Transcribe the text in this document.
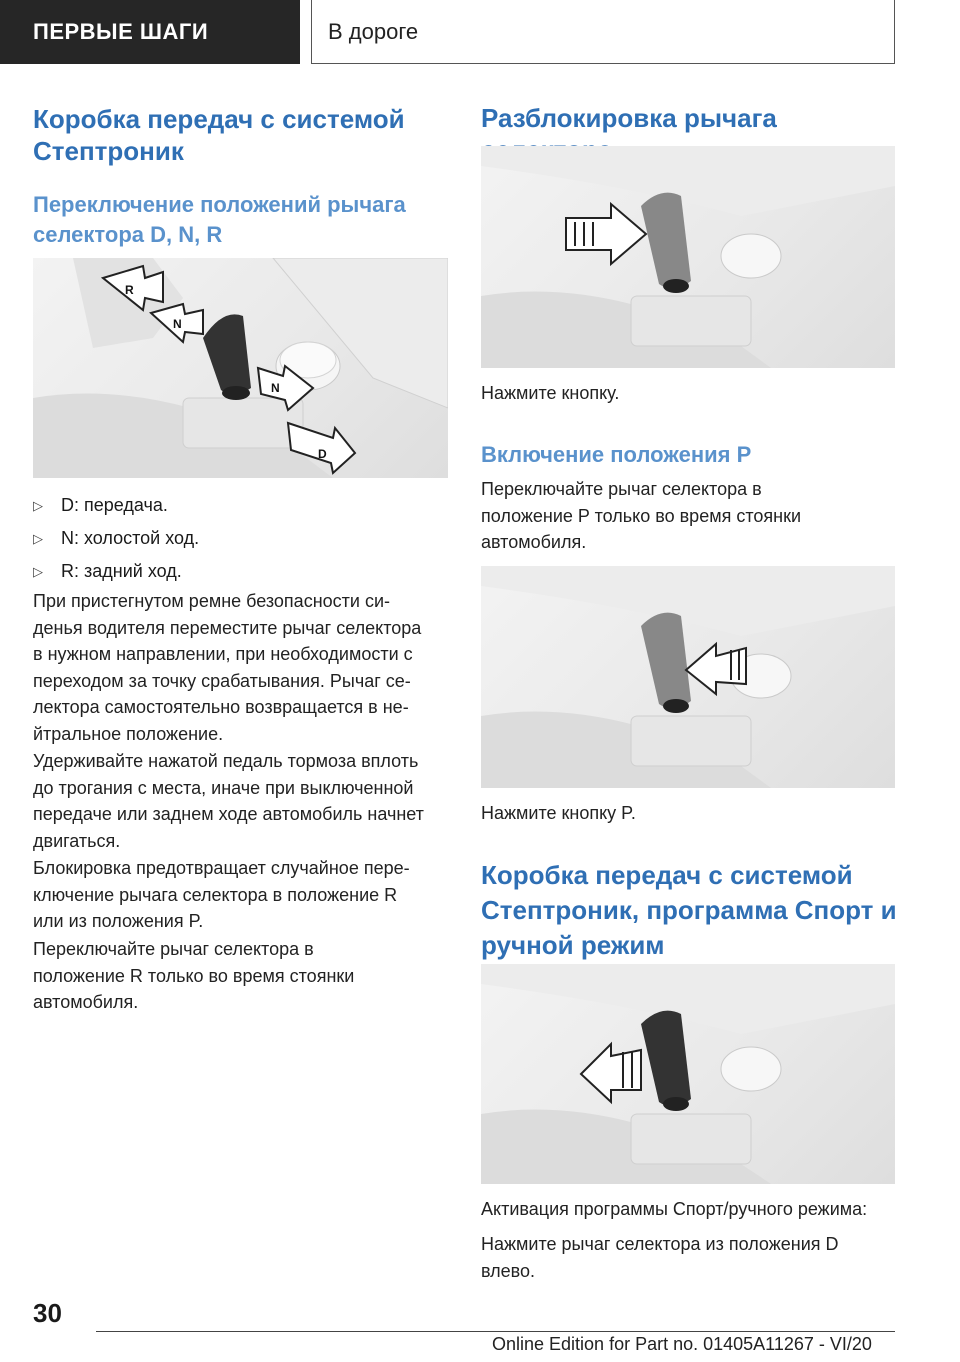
ПЕРВЫЕ ШАГИ	В дороге
Коробка передач с системой Стептроник
Переключение положений рычага селектора D, N, R
R
N
N
D
▷	D: передача.
▷	N: холостой ход.
▷	R: задний ход.
При пристегнутом ремне безопасности си-
денья водителя переместите рычаг селектора
в нужном направлении, при необходимости с
переходом за точку срабатывания. Рычаг се-
лектора самостоятельно возвращается в не-
йтральное положение.
Удерживайте нажатой педаль тормоза вплоть
до трогания с места, иначе при выключенной
передаче или заднем ходе автомобиль начнет
двигаться.
Блокировка предотвращает случайное пере-
ключение рычага селектора в положение R
или из положения P.
Переключайте рычаг селектора в
положение R только во время стоянки
автомобиля.
Разблокировка рычага
Нажмите кнопку.
Включение положения P
Переключайте рычаг селектора в
положение P только во время стоянки
автомобиля.
Нажмите кнопку P.
Коробка передач с системой Стептроник, программа Спорт и ручной режим
Активация программы Спорт/ручного режима:
Нажмите рычаг селектора из положения D
влево.
30
Online Edition for Part no. 01405A11267 - VI/20
